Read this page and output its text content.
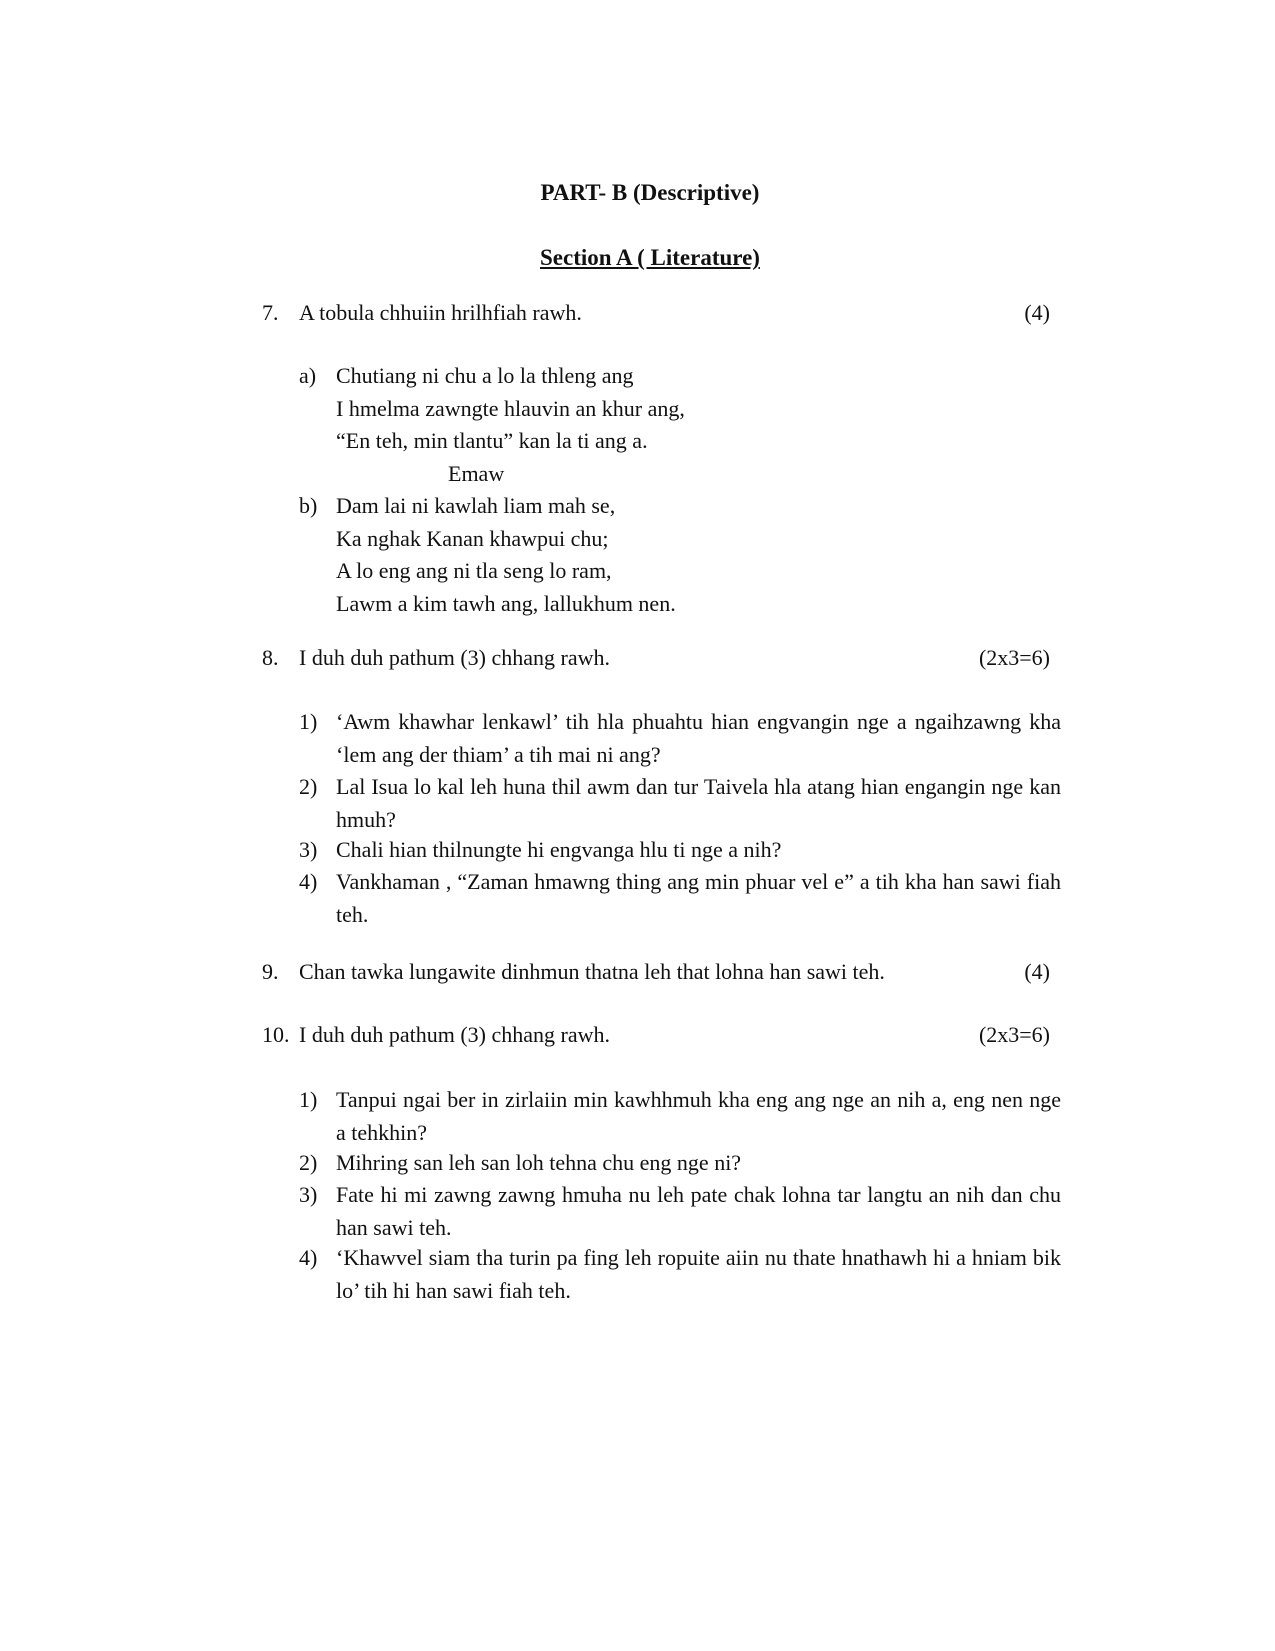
PART- B (Descriptive)
Section A ( Literature)
7. A tobula chhuiin hrilhfiah rawh.	(4)
a) Chutiang ni chu a lo la thleng ang
I hmelma zawngte hlauvin an khur ang,
“En teh, min tlantu” kan la ti ang a.
Emaw
b) Dam lai ni kawlah liam mah se,
Ka nghak Kanan khawpui chu;
A lo eng ang ni tla seng lo ram,
Lawm a kim tawh ang, lallukhum nen.
8. I duh duh pathum (3) chhang rawh.	(2x3=6)
1) ‘Awm khawhar lenkawl’ tih hla phuahtu hian engvangin nge a ngaihzawng kha ‘lem ang der thiam’ a tih mai ni ang?
2) Lal Isua lo kal leh huna thil awm dan tur Taivela hla atang hian engangin nge kan hmuh?
3) Chali hian thilnungte hi engvanga hlu ti nge a nih?
4) Vankhaman , “Zaman hmawng thing ang min phuar vel e” a tih kha han sawi fiah teh.
9. Chan tawka lungawite dinhmun thatna leh that lohna han sawi teh.	(4)
10. I duh duh pathum (3) chhang rawh.	(2x3=6)
1) Tanpui ngai ber in zirlaiin min kawhhmuh kha eng ang nge an nih a, eng nen nge a tehkhin?
2) Mihring san leh san loh tehna chu eng nge ni?
3) Fate hi mi zawng zawng hmuha nu leh pate chak lohna tar langtu an nih dan chu han sawi teh.
4) ‘Khawvel siam tha turin pa fing leh ropuite aiin nu thate hnathawh hi a hniam bik lo’ tih hi han sawi fiah teh.
